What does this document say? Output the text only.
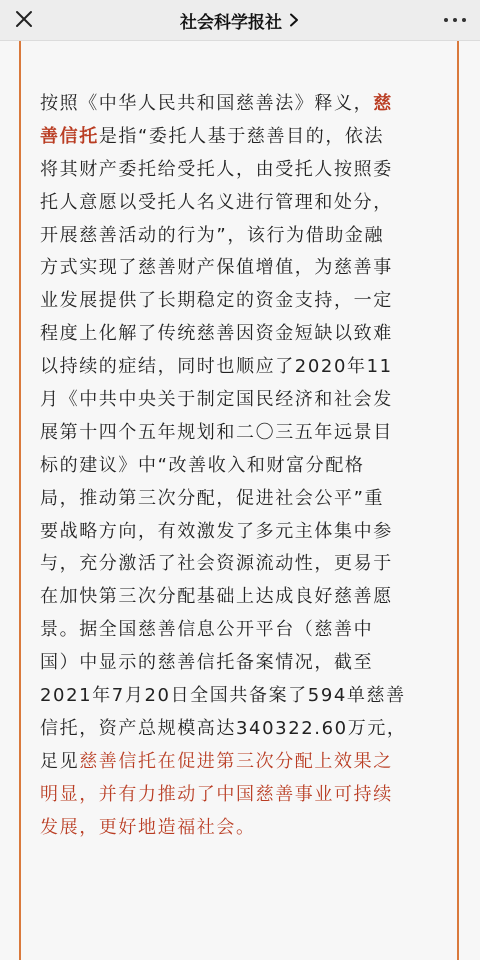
社会科学报社
按照《中华人民共和国慈善法》释义，慈
善信托是指“委托人基于慈善目的，依法
将其财产委托给受托人，由受托人按照委
托人意愿以受托人名义进行管理和处分，
开展慈善活动的行为”，该行为借助金融
方式实现了慈善财产保值增值，为慈善事
业发展提供了长期稳定的资金支持，一定
程度上化解了传统慈善因资金短缺以致难
以持续的症结，同时也顺应了2020年11
月《中共中央关于制定国民经济和社会发
展第十四个五年规划和二〇三五年远景目
标的建议》中“改善收入和财富分配格
局，推动第三次分配，促进社会公平”重
要战略方向，有效激发了多元主体集中参
与，充分激活了社会资源流动性，更易于
在加快第三次分配基础上达成良好慈善愿
景。据全国慈善信息公开平台（慈善中
国）中显示的慈善信托备案情况，截至
2021年7月20日全国共备案了594单慈善
信托，资产总规模高达340322.60万元，
足见慈善信托在促进第三次分配上效果之
明显，并有力推动了中国慈善事业可持续
发展，更好地造福社会。
